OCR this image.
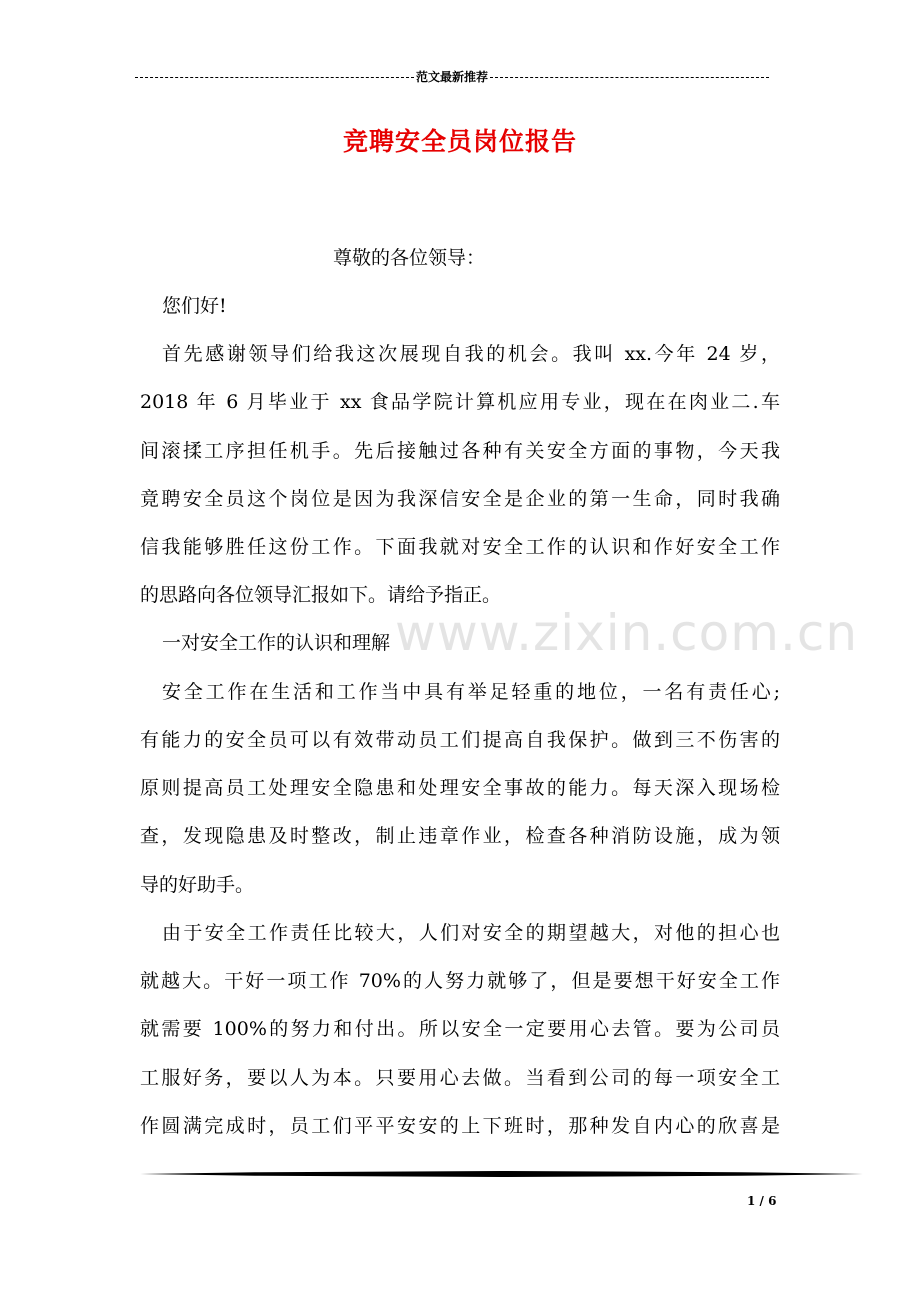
范文最新推荐
竞聘安全员岗位报告
www.zixin.com.cn
尊敬的各位领导：
您们好!
首先感谢领导们给我这次展现自我的机会。我叫 xx.今年 24 岁，
2018 年 6 月毕业于 xx 食品学院计算机应用专业，现在在肉业二.车
间滚揉工序担任机手。先后接触过各种有关安全方面的事物，今天我
竟聘安全员这个岗位是因为我深信安全是企业的第一生命，同时我确
信我能够胜任这份工作。下面我就对安全工作的认识和作好安全工作
的思路向各位领导汇报如下。请给予指正。
一对安全工作的认识和理解
安全工作在生活和工作当中具有举足轻重的地位，一名有责任心;
有能力的安全员可以有效带动员工们提高自我保护。做到三不伤害的
原则提高员工处理安全隐患和处理安全事故的能力。每天深入现场检
查，发现隐患及时整改，制止违章作业，检查各种消防设施，成为领
导的好助手。
由于安全工作责任比较大，人们对安全的期望越大，对他的担心也
就越大。干好一项工作 70%的人努力就够了，但是要想干好安全工作
就需要 100%的努力和付出。所以安全一定要用心去管。要为公司员
工服好务，要以人为本。只要用心去做。当看到公司的每一项安全工
作圆满完成时，员工们平平安安的上下班时，那种发自内心的欣喜是
1 / 6
